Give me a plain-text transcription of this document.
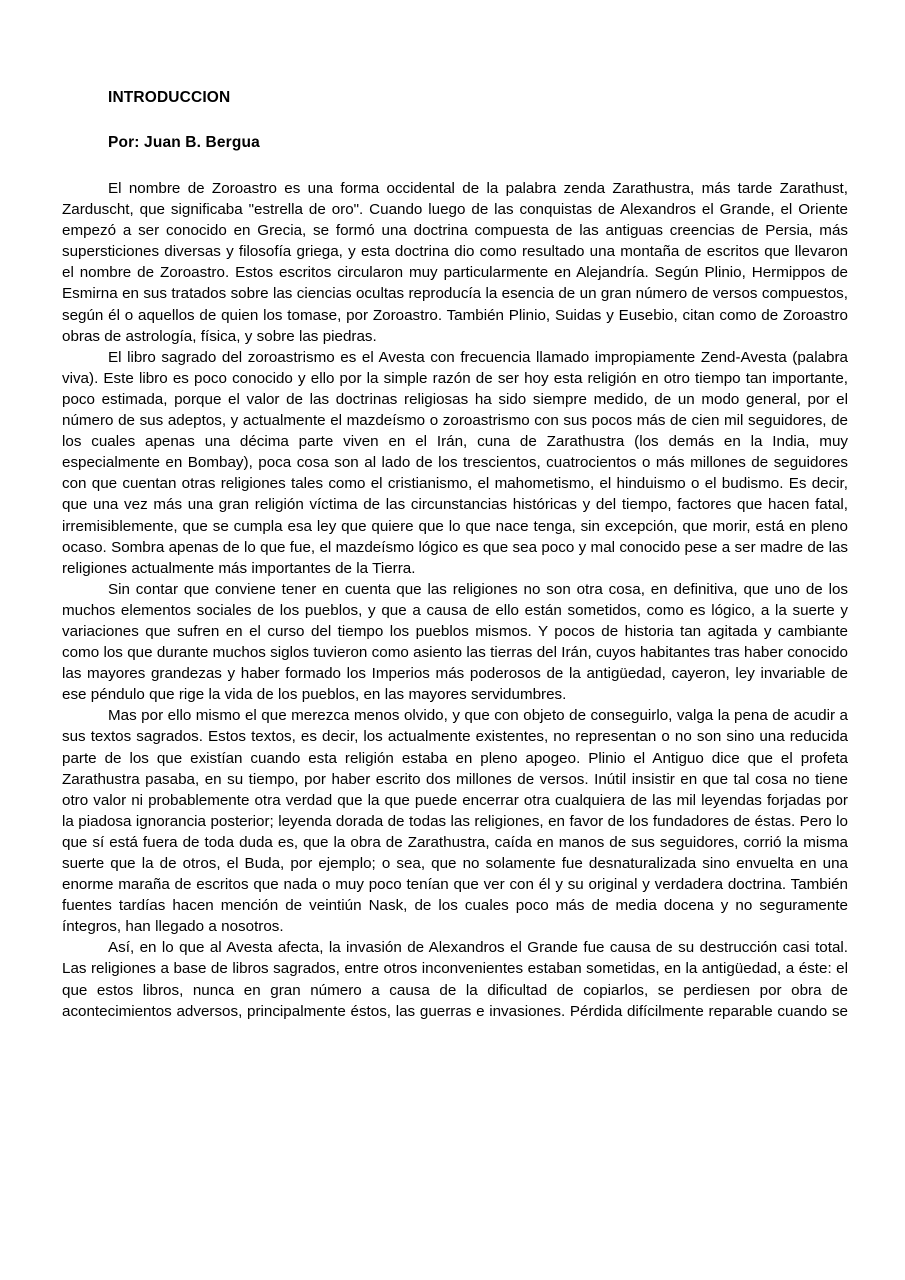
INTRODUCCION
Por: Juan B. Bergua

El nombre de Zoroastro es una forma occidental de la palabra zenda Zarathustra, más tarde Zarathust, Zarduscht, que significaba "estrella de oro". Cuando luego de las conquistas de Alexandros el Grande, el Oriente empezó a ser conocido en Grecia, se formó una doctrina compuesta de las antiguas creencias de Persia, más supersticiones diversas y filosofía griega, y esta doctrina dio como resultado una montaña de escritos que llevaron el nombre de Zoroastro. Estos escritos circularon muy particularmente en Alejandría. Según Plinio, Hermippos de Esmirna en sus tratados sobre las ciencias ocultas reproducía la esencia de un gran número de versos compuestos, según él o aquellos de quien los tomase, por Zoroastro. También Plinio, Suidas y Eusebio, citan como de Zoroastro obras de astrología, física, y sobre las piedras.

El libro sagrado del zoroastrismo es el Avesta con frecuencia llamado impropiamente Zend-Avesta (palabra viva). Este libro es poco conocido y ello por la simple razón de ser hoy esta religión en otro tiempo tan importante, poco estimada, porque el valor de las doctrinas religiosas ha sido siempre medido, de un modo general, por el número de sus adeptos, y actualmente el mazdeísmo o zoroastrismo con sus pocos más de cien mil seguidores, de los cuales apenas una décima parte viven en el Irán, cuna de Zarathustra (los demás en la India, muy especialmente en Bombay), poca cosa son al lado de los trescientos, cuatrocientos o más millones de seguidores con que cuentan otras religiones tales como el cristianismo, el mahometismo, el hinduismo o el budismo. Es decir, que una vez más una gran religión víctima de las circunstancias históricas y del tiempo, factores que hacen fatal, irremisiblemente, que se cumpla esa ley que quiere que lo que nace tenga, sin excepción, que morir, está en pleno ocaso. Sombra apenas de lo que fue, el mazdeísmo lógico es que sea poco y mal conocido pese a ser madre de las religiones actualmente más importantes de la Tierra.

Sin contar que conviene tener en cuenta que las religiones no son otra cosa, en definitiva, que uno de los muchos elementos sociales de los pueblos, y que a causa de ello están sometidos, como es lógico, a la suerte y variaciones que sufren en el curso del tiempo los pueblos mismos. Y pocos de historia tan agitada y cambiante como los que durante muchos siglos tuvieron como asiento las tierras del Irán, cuyos habitantes tras haber conocido las mayores grandezas y haber formado los Imperios más poderosos de la antigüedad, cayeron, ley invariable de ese péndulo que rige la vida de los pueblos, en las mayores servidumbres.

Mas por ello mismo el que merezca menos olvido, y que con objeto de conseguirlo, valga la pena de acudir a sus textos sagrados. Estos textos, es decir, los actualmente existentes, no representan o no son sino una reducida parte de los que existían cuando esta religión estaba en pleno apogeo. Plinio el Antiguo dice que el profeta Zarathustra pasaba, en su tiempo, por haber escrito dos millones de versos. Inútil insistir en que tal cosa no tiene otro valor ni probablemente otra verdad que la que puede encerrar otra cualquiera de las mil leyendas forjadas por la piadosa ignorancia posterior; leyenda dorada de todas las religiones, en favor de los fundadores de éstas. Pero lo que sí está fuera de toda duda es, que la obra de Zarathustra, caída en manos de sus seguidores, corrió la misma suerte que la de otros, el Buda, por ejemplo; o sea, que no solamente fue desnaturalizada sino envuelta en una enorme maraña de escritos que nada o muy poco tenían que ver con él y su original y verdadera doctrina. También fuentes tardías hacen mención de veintiún Nask, de los cuales poco más de media docena y no seguramente íntegros, han llegado a nosotros.

Así, en lo que al Avesta afecta, la invasión de Alexandros el Grande fue causa de su destrucción casi total. Las religiones a base de libros sagrados, entre otros inconvenientes estaban sometidas, en la antigüedad, a éste: el que estos libros, nunca en gran número a causa de la dificultad de copiarlos, se perdiesen por obra de acontecimientos adversos, principalmente éstos, las guerras e invasiones. Pérdida difícilmente reparable cuando se
